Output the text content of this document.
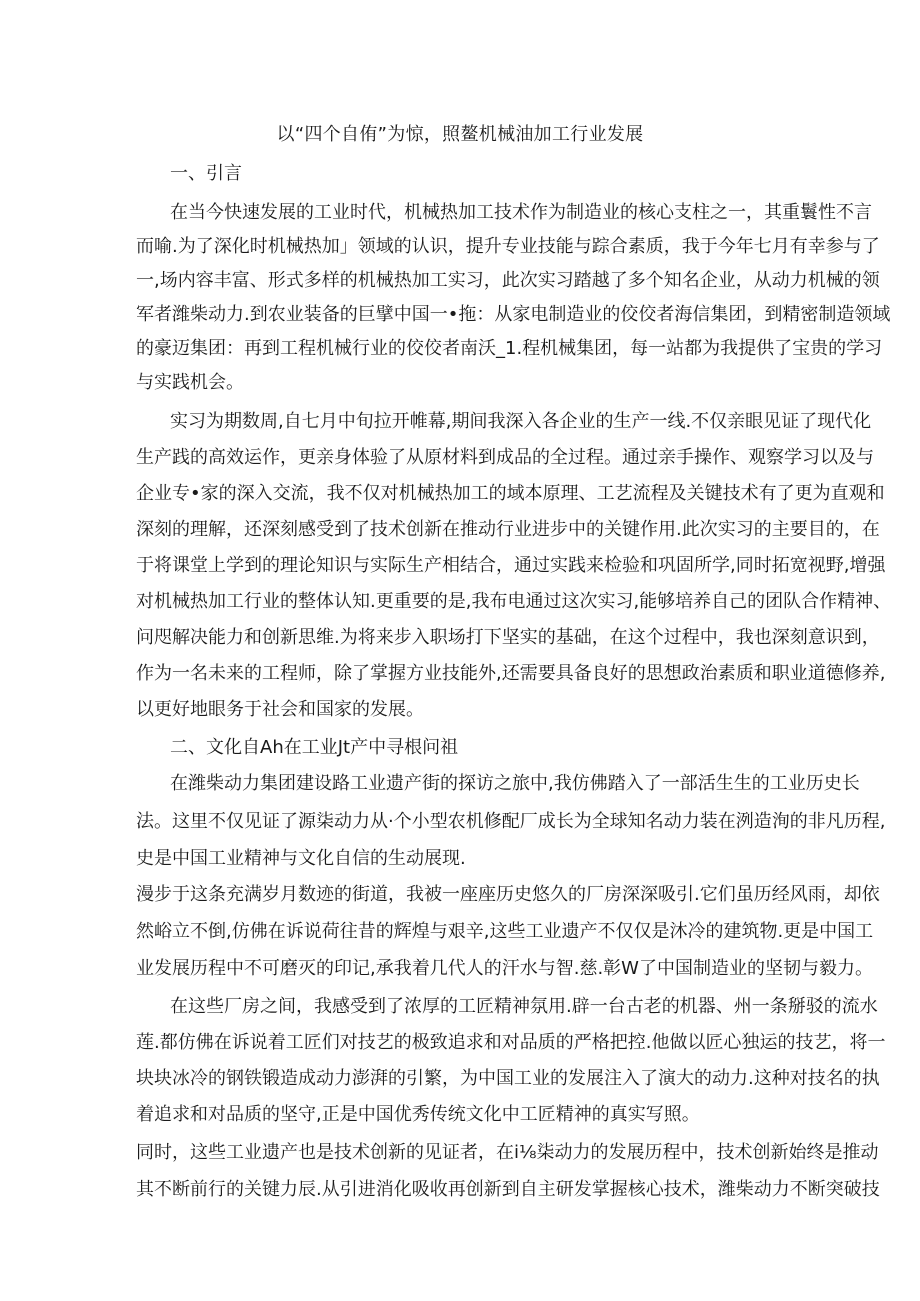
以“四个自侑”为惊，照鳌机械油加工行业发展
一、引言
在当今快速发展的工业时代，机械热加工技术作为制造业的核心支柱之一，其重鬟性不言
而喻.为了深化时机械热加」领域的认识，提升专业技能与踪合素质，我于今年七月有幸参与了
一,场内容丰富、形式多样的机械热加工实习，此次实习踏越了多个知名企业，从动力机械的领
军者潍柴动力.到农业装备的巨擘中国一•拖：从家电制造业的佼佼者海信集团，到精密制造领域
的豪迈集团：再到工程机械行业的佼佼者南沃_1.程机械集团，每一站都为我提供了宝贵的学习
与实践机会。
实习为期数周,自七月中旬拉开帷幕,期间我深入各企业的生产一线.不仅亲眼见证了现代化
生产践的高效运作，更亲身体验了从原材料到成品的全过程。通过亲手操作、观察学习以及与
企业专•家的深入交流，我不仅对机械热加工的域本原理、工艺流程及关键技术有了更为直观和
深刻的理解，还深刻感受到了技术创新在推动行业进步中的关键作用.此次实习的主要目的，在
于将课堂上学到的理论知识与实际生产相结合，通过实践来检验和巩固所学,同时拓宽视野,增强
对机械热加工行业的整体认知.更重要的是,我布电通过这次实习,能够培养自己的团队合作精神、
问咫解决能力和创新思维.为将来步入职场打下坚实的基础，在这个过程中，我也深刻意识到，
作为一名未来的工程师，除了掌握方业技能外,还需要具备良好的思想政治素质和职业道德修养,
以更好地眼务于社会和国家的发展。
二、文化自Ah在工业Jt产中寻根问祖
在潍柴动力集团建设路工业遗产街的探访之旅中,我仿佛踏入了一部活生生的工业历史长
法。这里不仅见证了源柒动力从·个小型农机修配厂成长为全球知名动力装在洌造洵的非凡历程,
史是中国工业精神与文化自信的生动展现.
漫步于这条充满岁月数迹的街道，我被一座座历史悠久的厂房深深吸引.它们虽历经风雨，却依
然峪立不倒,仿佛在诉说荷往昔的辉煌与艰辛,这些工业遗产不仅仅是沐冷的建筑物.更是中国工
业发展历程中不可磨灭的印记,承我着几代人的汗水与智.慈.彰W了中国制造业的坚韧与毅力。
在这些厂房之间，我感受到了浓厚的工匠精神氛用.辟一台古老的机器、州一条掰驳的流水
莲.都仿佛在诉说着工匠们对技艺的极致追求和对品质的严格把控.他做以匠心独运的技艺，将一
块块冰冷的钢铁锻造成动力澎湃的引繁，为中国工业的发展注入了演大的动力.这种对技名的执
着追求和对品质的坚守,正是中国优秀传统文化中工匠精神的真实写照。
同时，这些工业遗产也是技术创新的见证者，在i⅛柒动力的发展历程中，技术创新始终是推动
其不断前行的关键力辰.从引进消化吸收再创新到自主研发掌握核心技术，潍柴动力不断突破技
